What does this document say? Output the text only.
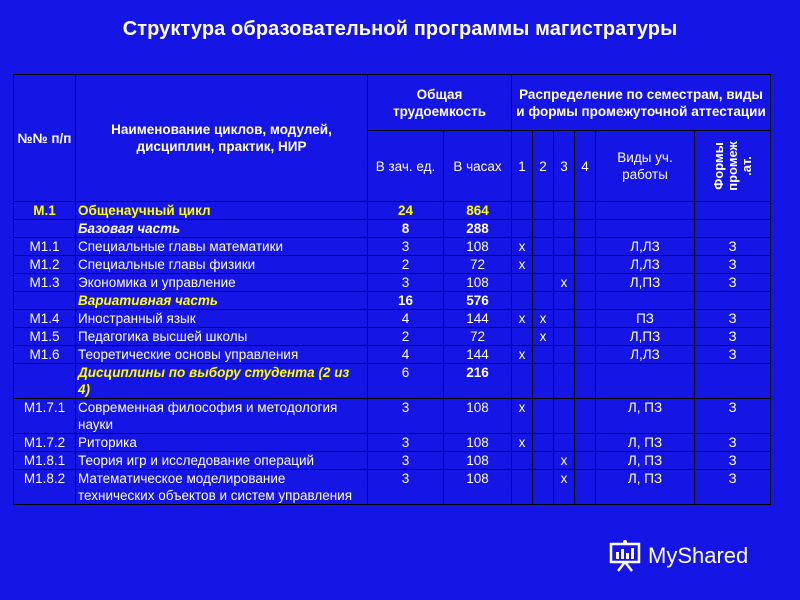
Структура образовательной программы магистратуры
№№ п/п	Наименование циклов, модулей, дисциплин, практик, НИР	Общая трудоемкость		Распределение по семестрам, виды и формы промежуточной аттестации					
		В зач. ед.	В часах	1	2	3	4	Виды уч. работы	Формы промеж .ат.

М.1	Общенаучный цикл	24	864						
	Базовая часть	8	288						
М1.1	Специальные главы математики	3	108	х				Л,ЛЗ	З
М1.2	Специальные главы физики	2	72	х				Л,ЛЗ	З
М1.3	Экономика и управление	3	108			х		Л,ПЗ	З
	Вариативная часть	16	576						
М1.4	Иностранный язык	4	144	х	х			ПЗ	З
М1.5	Педагогика высшей школы	2	72		х			Л,ПЗ	З
М1.6	Теоретические основы управления	4	144	х				Л,ЛЗ	З
	Дисциплины по выбору студента (2 из 4)	6	216						
М1.7.1	Современная философия и методология науки	3	108	х				Л, ПЗ	З
М1.7.2	Риторика	3	108	х				Л, ПЗ	З
М1.8.1	Теория игр и исследование операций	3	108			х		Л, ПЗ	З
М1.8.2	Математическое моделирование технических объектов и систем управления	3	108			х		Л, ПЗ	З
MyShared
